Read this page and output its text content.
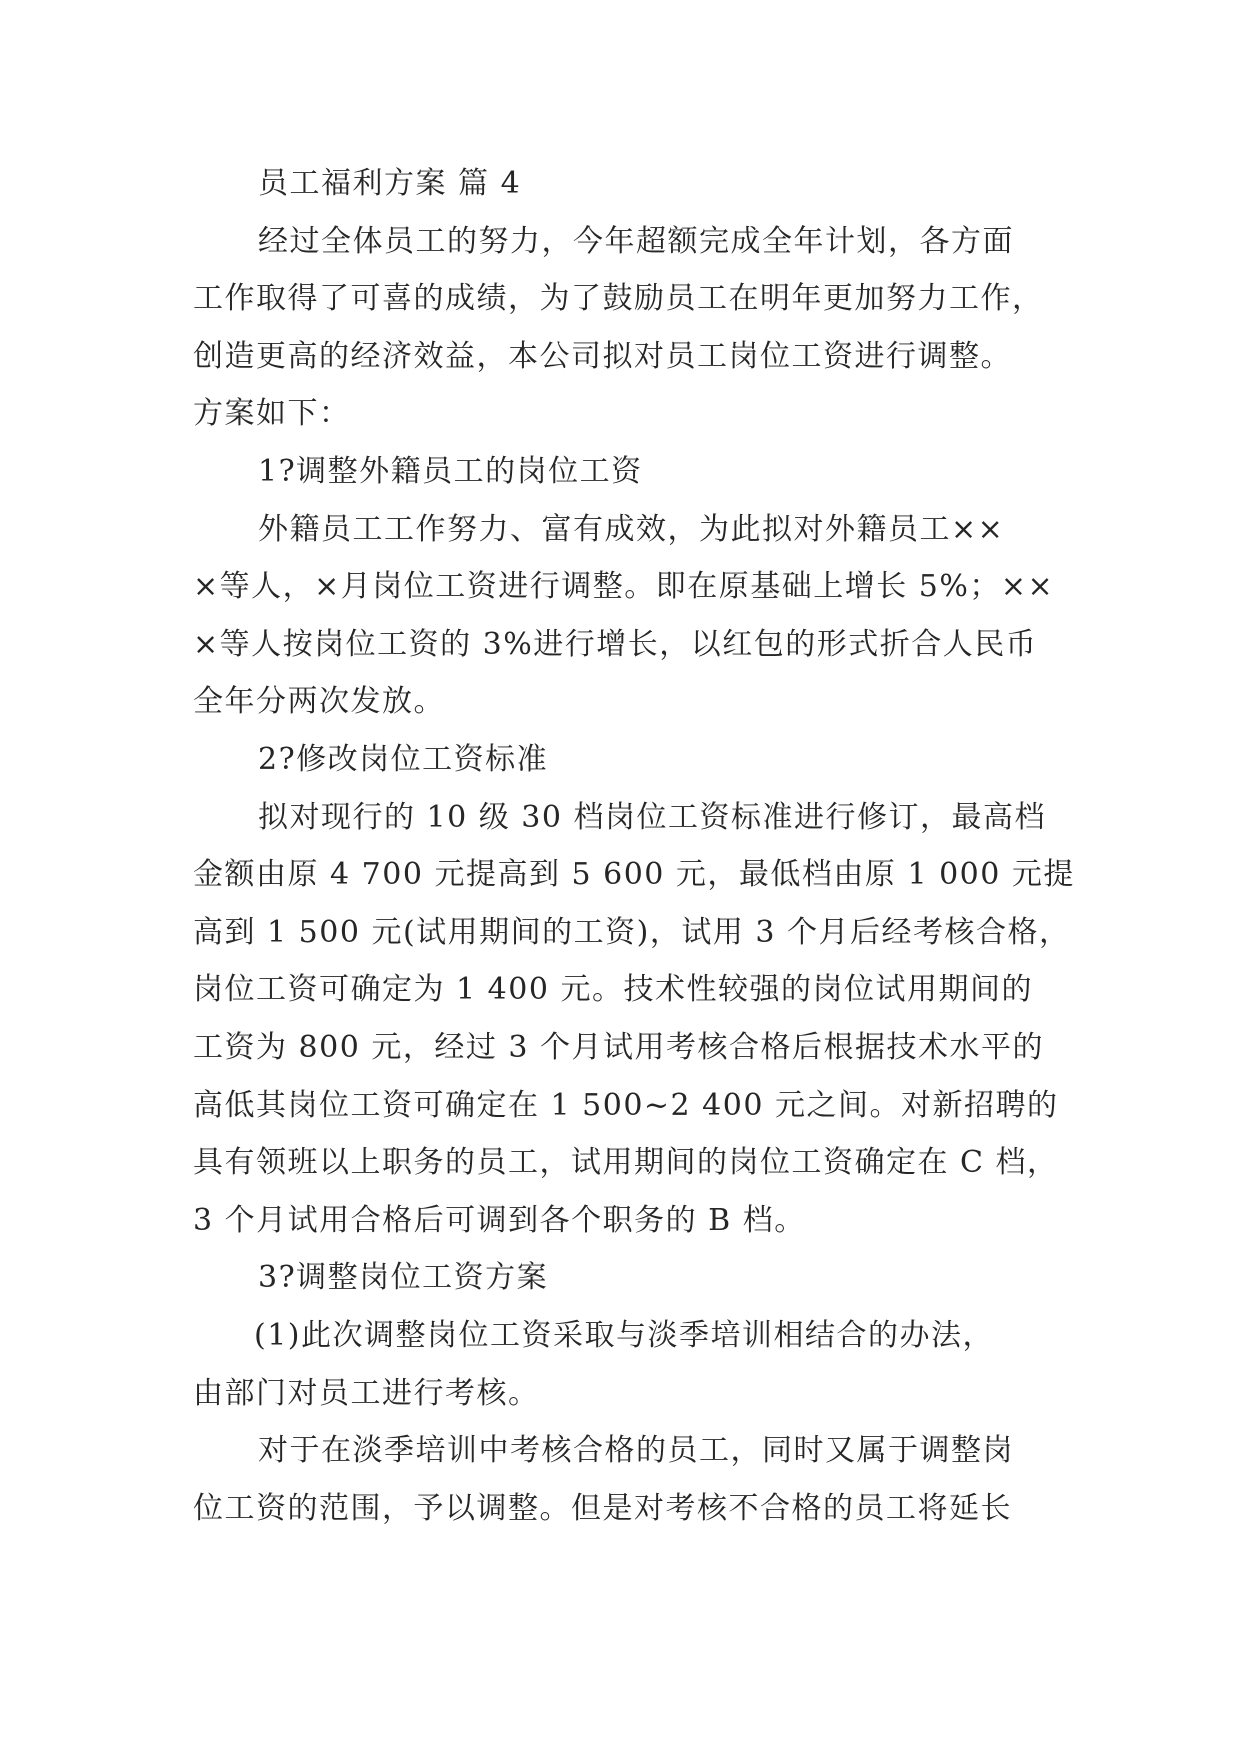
员工福利方案 篇 4
经过全体员工的努力，今年超额完成全年计划，各方面
工作取得了可喜的成绩，为了鼓励员工在明年更加努力工作，
创造更高的经济效益，本公司拟对员工岗位工资进行调整。
方案如下：
1?调整外籍员工的岗位工资
外籍员工工作努力、富有成效，为此拟对外籍员工××
×等人，×月岗位工资进行调整。即在原基础上增长 5%；××
×等人按岗位工资的 3%进行增长，以红包的形式折合人民币
全年分两次发放。
2?修改岗位工资标准
拟对现行的 10 级 30 档岗位工资标准进行修订，最高档
金额由原 4 700 元提高到 5 600 元，最低档由原 1 000 元提
高到 1 500 元(试用期间的工资)，试用 3 个月后经考核合格，
岗位工资可确定为 1 400 元。技术性较强的岗位试用期间的
工资为 800 元，经过 3 个月试用考核合格后根据技术水平的
高低其岗位工资可确定在 1 500~2 400 元之间。对新招聘的
具有领班以上职务的员工，试用期间的岗位工资确定在 C 档，
3 个月试用合格后可调到各个职务的 B 档。
3?调整岗位工资方案
(1)此次调整岗位工资采取与淡季培训相结合的办法，
由部门对员工进行考核。
对于在淡季培训中考核合格的员工，同时又属于调整岗
位工资的范围，予以调整。但是对考核不合格的员工将延长
